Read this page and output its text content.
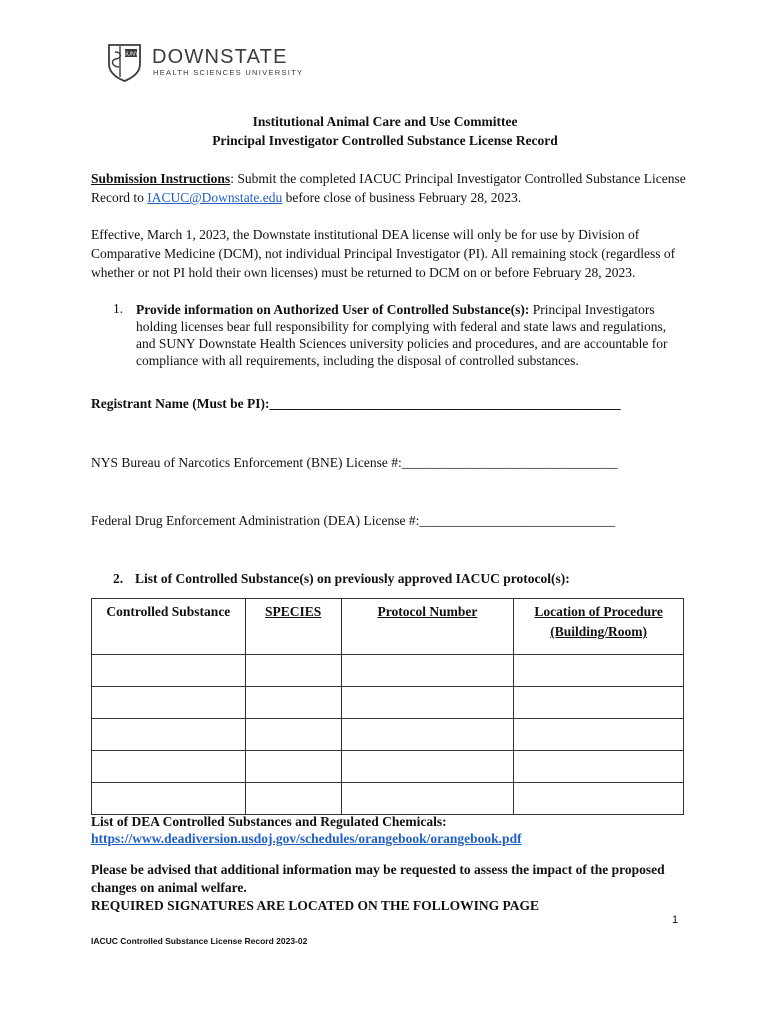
SUNY DOWNSTATE
HEALTH SCIENCES UNIVERSITY
Institutional Animal Care and Use Committee
Principal Investigator Controlled Substance License Record
Submission Instructions: Submit the completed IACUC Principal Investigator Controlled Substance License Record to IACUC@Downstate.edu before close of business February 28, 2023.
Effective, March 1, 2023, the Downstate institutional DEA license will only be for use by Division of Comparative Medicine (DCM), not individual Principal Investigator (PI). All remaining stock (regardless of whether or not PI hold their own licenses) must be returned to DCM on or before February 28, 2023.
1. Provide information on Authorized User of Controlled Substance(s): Principal Investigators holding licenses bear full responsibility for complying with federal and state laws and regulations, and SUNY Downstate Health Sciences university policies and procedures, and are accountable for compliance with all requirements, including the disposal of controlled substances.
Registrant Name (Must be PI):____________________________________________________
NYS Bureau of Narcotics Enforcement (BNE) License #:________________________________
Federal Drug Enforcement Administration (DEA) License #:_____________________________
2. List of Controlled Substance(s) on previously approved IACUC protocol(s):
Controlled Substance	SPECIES	Protocol Number	Location of Procedure (Building/Room)

List of DEA Controlled Substances and Regulated Chemicals:
https://www.deadiversion.usdoj.gov/schedules/orangebook/orangebook.pdf
Please be advised that additional information may be requested to assess the impact of the proposed changes on animal welfare.
REQUIRED SIGNATURES ARE LOCATED ON THE FOLLOWING PAGE
1
IACUC Controlled Substance License Record 2023-02
